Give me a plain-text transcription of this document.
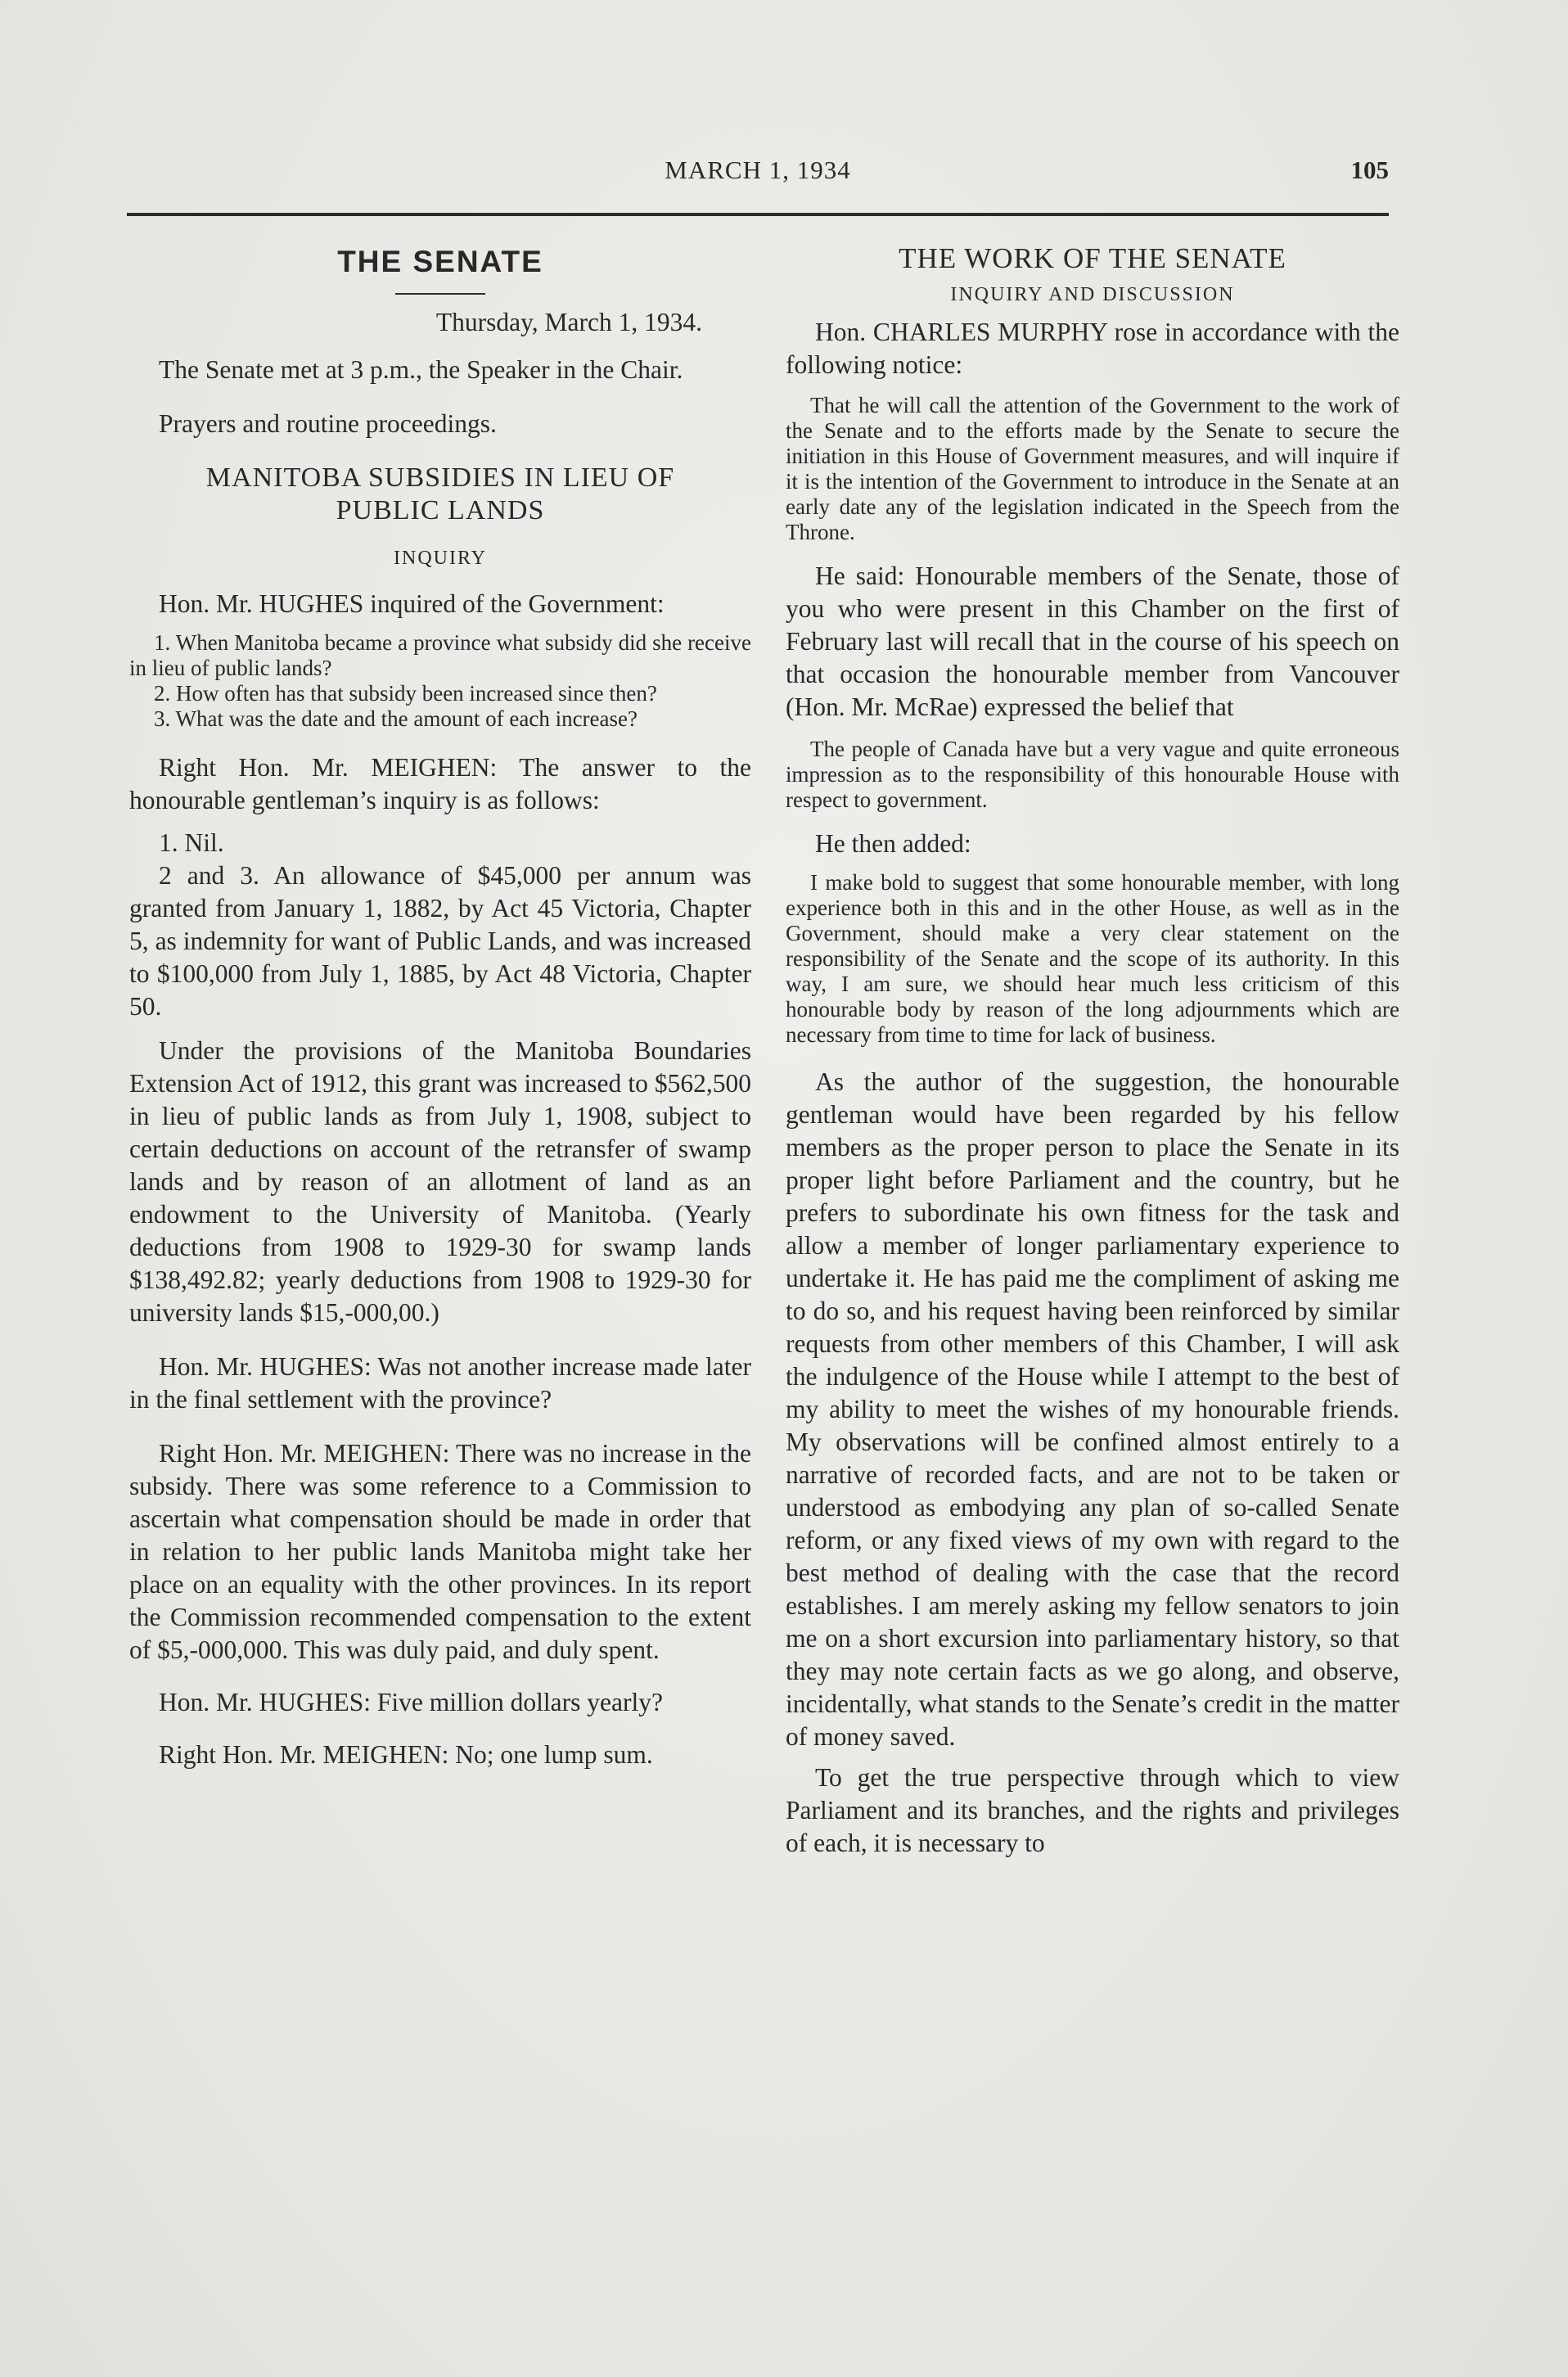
MARCH 1, 1934	105
THE SENATE

Thursday, March 1, 1934.

The Senate met at 3 p.m., the Speaker in the Chair.

Prayers and routine proceedings.

MANITOBA SUBSIDIES IN LIEU OF PUBLIC LANDS
INQUIRY

Hon. Mr. HUGHES inquired of the Government:

1. When Manitoba became a province what subsidy did she receive in lieu of public lands?

2. How often has that subsidy been increased since then?

3. What was the date and the amount of each increase?

Right Hon. Mr. MEIGHEN: The answer to the honourable gentleman’s inquiry is as follows:

1. Nil.

2 and 3. An allowance of $45,000 per annum was granted from January 1, 1882, by Act 45 Victoria, Chapter 5, as indemnity for want of Public Lands, and was increased to $100,000 from July 1, 1885, by Act 48 Victoria, Chapter 50.

Under the provisions of the Manitoba Boundaries Extension Act of 1912, this grant was increased to $562,500 in lieu of public lands as from July 1, 1908, subject to certain deductions on account of the retransfer of swamp lands and by reason of an allotment of land as an endowment to the University of Manitoba. (Yearly deductions from 1908 to 1929-30 for swamp lands $138,492.82; yearly deductions from 1908 to 1929-30 for university lands $15,-000,00.)

Hon. Mr. HUGHES: Was not another increase made later in the final settlement with the province?

Right Hon. Mr. MEIGHEN: There was no increase in the subsidy. There was some reference to a Commission to ascertain what compensation should be made in order that in relation to her public lands Manitoba might take her place on an equality with the other provinces. In its report the Commission recommended compensation to the extent of $5,-000,000. This was duly paid, and duly spent.

Hon. Mr. HUGHES: Five million dollars yearly?

Right Hon. Mr. MEIGHEN: No; one lump sum.

THE WORK OF THE SENATE
INQUIRY AND DISCUSSION

Hon. CHARLES MURPHY rose in accordance with the following notice:

That he will call the attention of the Government to the work of the Senate and to the efforts made by the Senate to secure the initiation in this House of Government measures, and will inquire if it is the intention of the Government to introduce in the Senate at an early date any of the legislation indicated in the Speech from the Throne.

He said: Honourable members of the Senate, those of you who were present in this Chamber on the first of February last will recall that in the course of his speech on that occasion the honourable member from Vancouver (Hon. Mr. McRae) expressed the belief that

The people of Canada have but a very vague and quite erroneous impression as to the responsibility of this honourable House with respect to government.

He then added:

I make bold to suggest that some honourable member, with long experience both in this and in the other House, as well as in the Government, should make a very clear statement on the responsibility of the Senate and the scope of its authority. In this way, I am sure, we should hear much less criticism of this honourable body by reason of the long adjournments which are necessary from time to time for lack of business.

As the author of the suggestion, the honourable gentleman would have been regarded by his fellow members as the proper person to place the Senate in its proper light before Parliament and the country, but he prefers to subordinate his own fitness for the task and allow a member of longer parliamentary experience to undertake it. He has paid me the compliment of asking me to do so, and his request having been reinforced by similar requests from other members of this Chamber, I will ask the indulgence of the House while I attempt to the best of my ability to meet the wishes of my honourable friends. My observations will be confined almost entirely to a narrative of recorded facts, and are not to be taken or understood as embodying any plan of so-called Senate reform, or any fixed views of my own with regard to the best method of dealing with the case that the record establishes. I am merely asking my fellow senators to join me on a short excursion into parliamentary history, so that they may note certain facts as we go along, and observe, incidentally, what stands to the Senate’s credit in the matter of money saved.

To get the true perspective through which to view Parliament and its branches, and the rights and privileges of each, it is necessary to
